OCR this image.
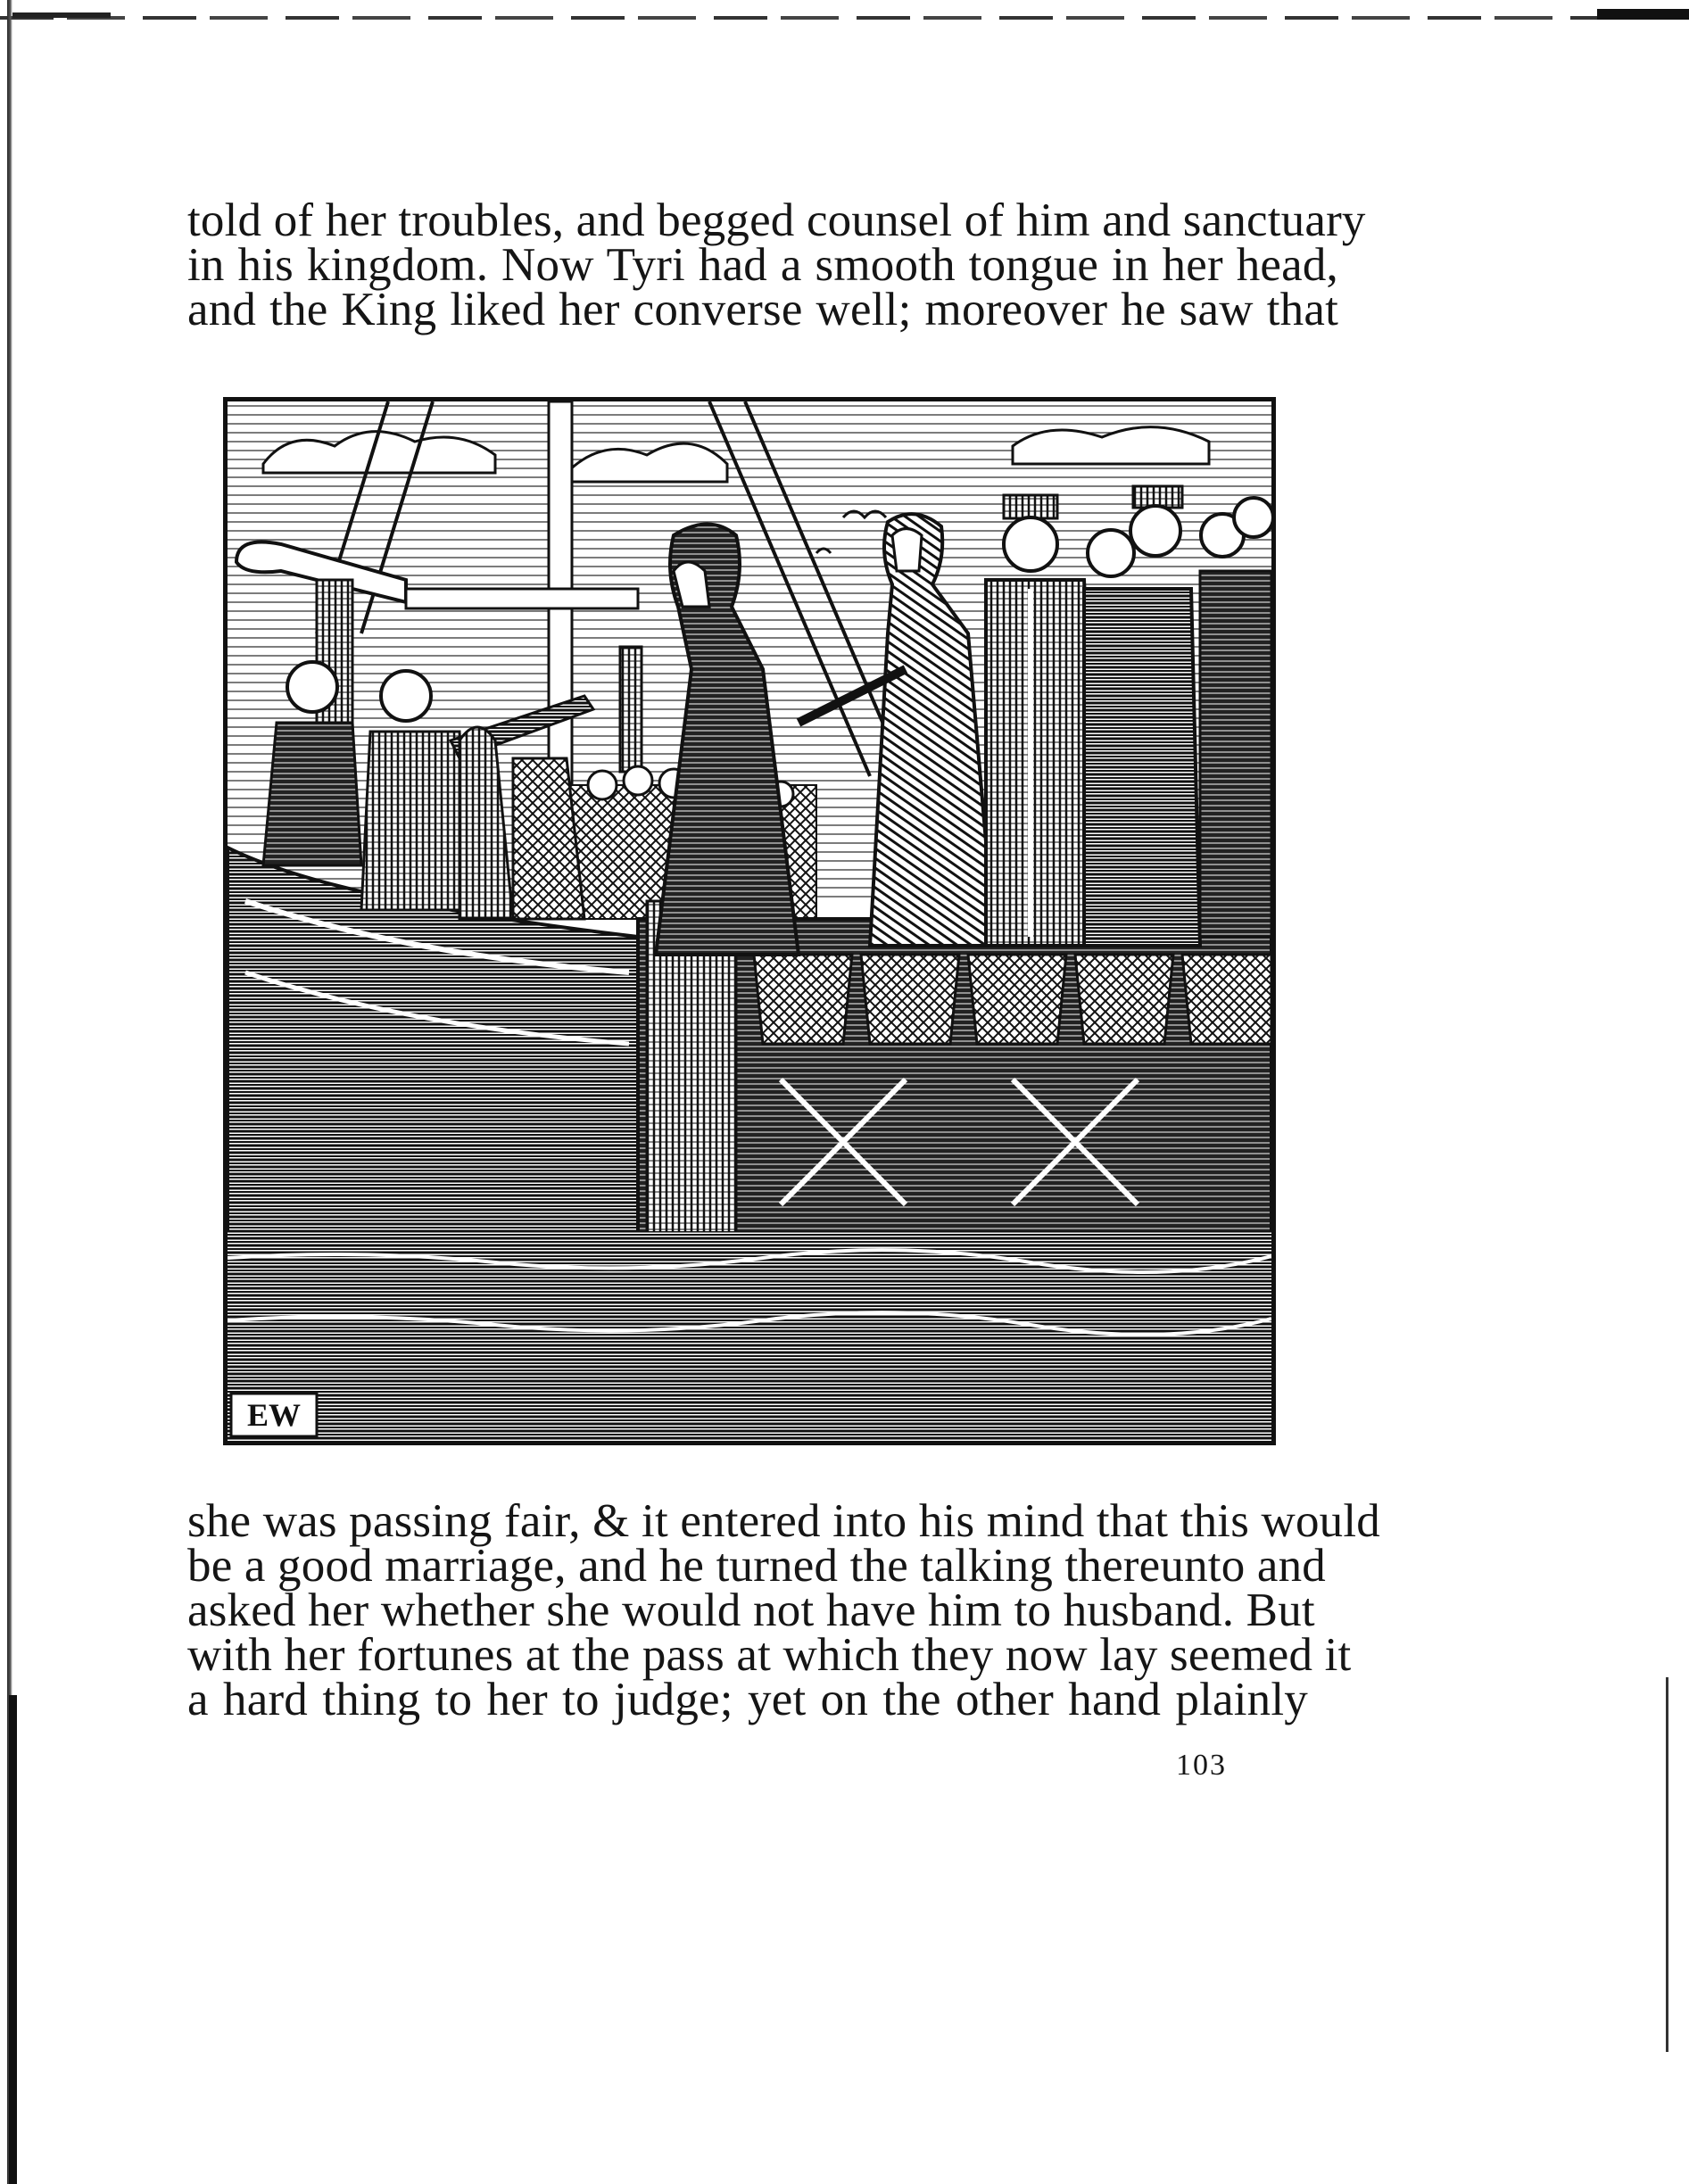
told of her troubles, and begged counsel of him and sanctuary
in his kingdom. Now Tyri had a smooth tongue in her head,
and the King liked her converse well; moreover he saw that
EW
she was passing fair, & it entered into his mind that this would
be a good marriage, and he turned the talking thereunto and
asked her whether she would not have him to husband. But
with her fortunes at the pass at which they now lay seemed it
a hard thing to her to judge; yet on the other hand plainly
103
